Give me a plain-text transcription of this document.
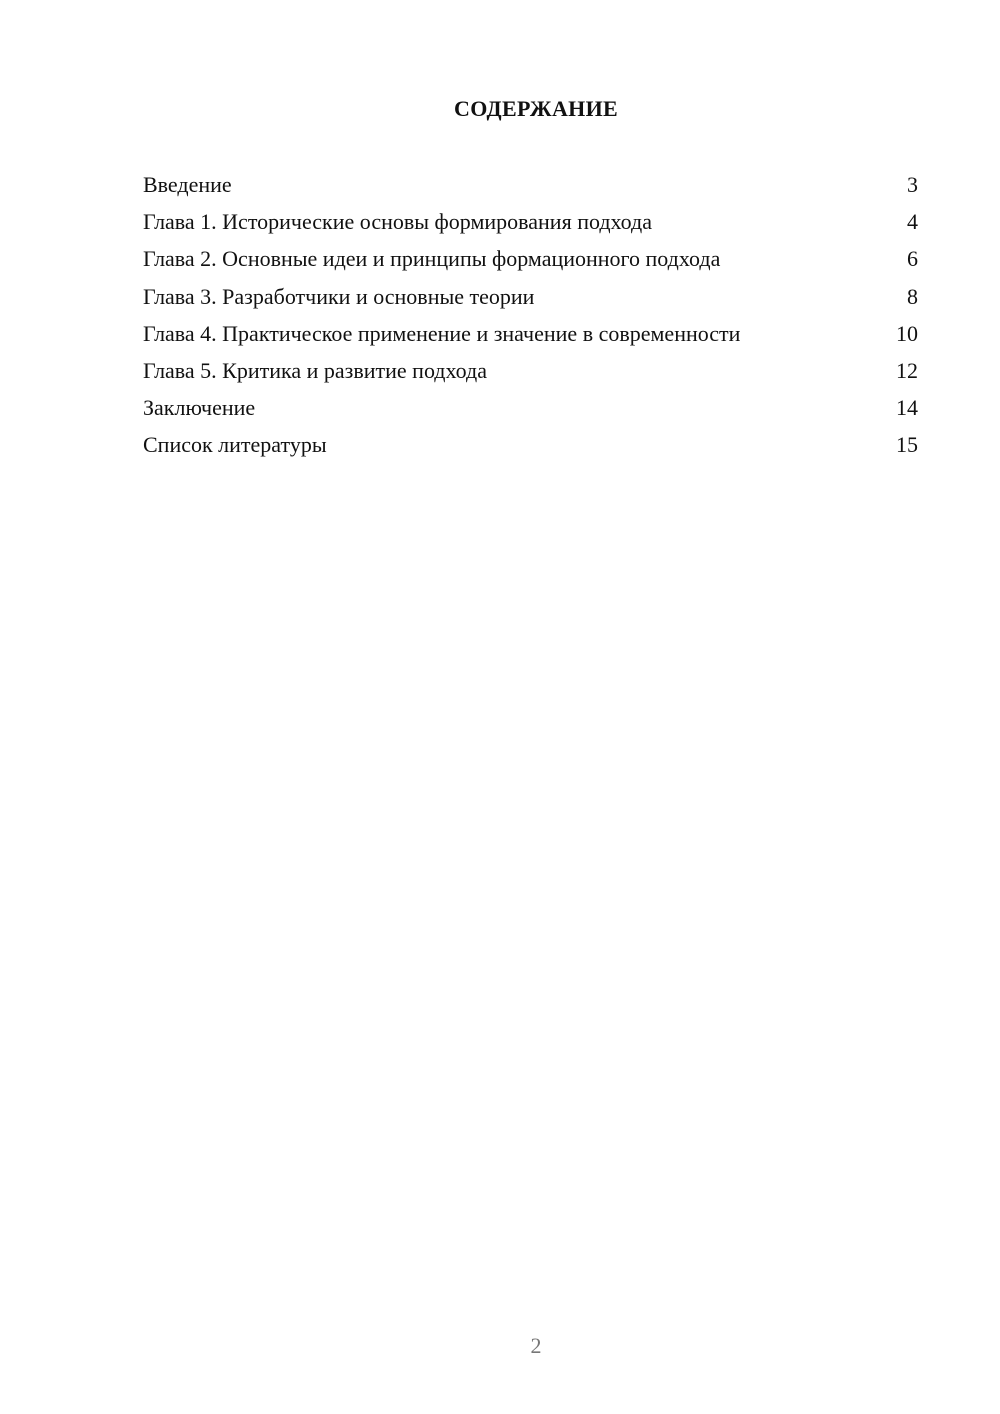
СОДЕРЖАНИЕ
Введение	3
Глава 1. Исторические основы формирования подхода	4
Глава 2. Основные идеи и принципы формационного подхода	6
Глава 3. Разработчики и основные теории	8
Глава 4. Практическое применение и значение в современности	10
Глава 5. Критика и развитие подхода	12
Заключение	14
Список литературы	15
2
